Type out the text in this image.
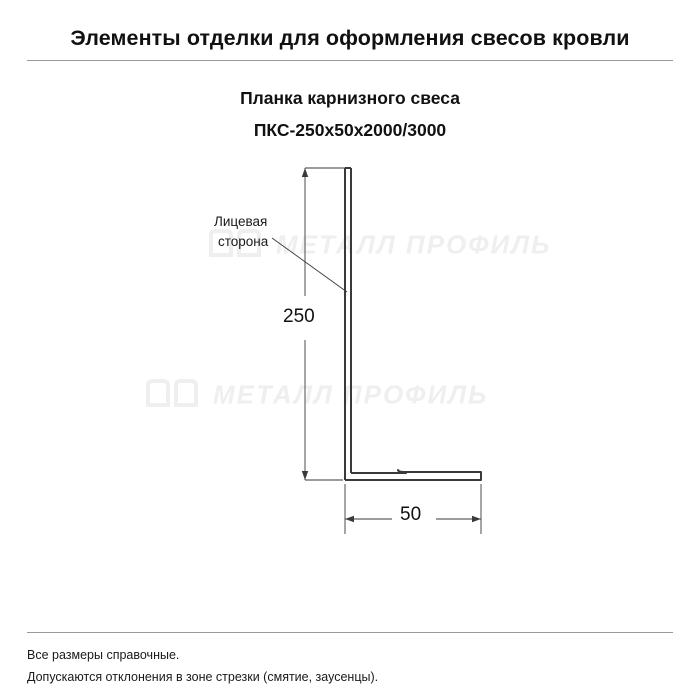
Элементы отделки для оформления свесов кровли
Планка карнизного свеса
ПКС-250х50х2000/3000
МЕТАЛЛ ПРОФИЛЬ
МЕТАЛЛ ПРОФИЛЬ
Лицевая
сторона
250
50
Все размеры справочные.
Допускаются отклонения в зоне стрезки (смятие, заусенцы).
